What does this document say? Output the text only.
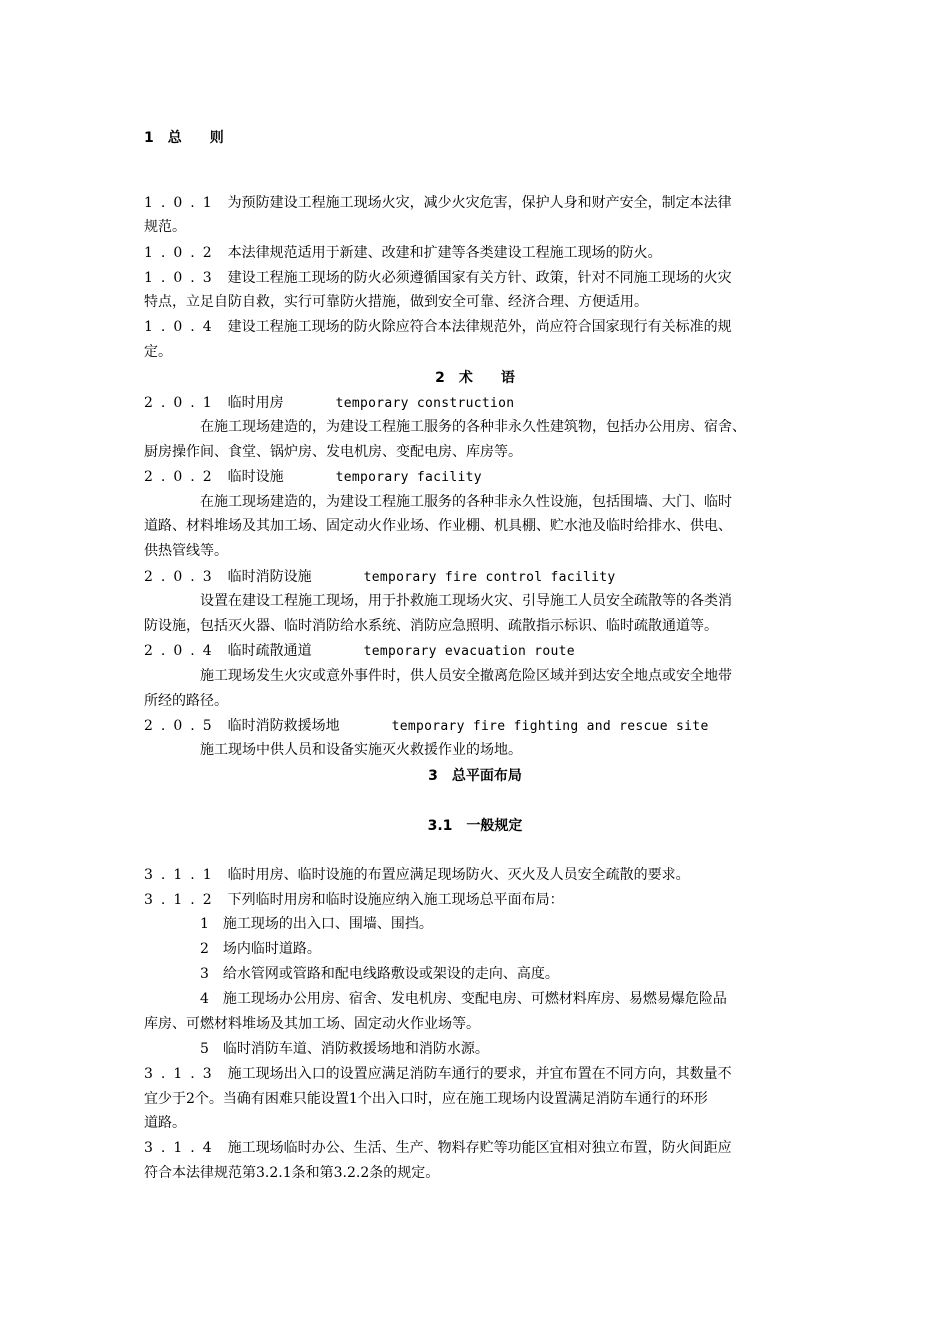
1　总　　则
1.0.1 为预防建设工程施工现场火灾，减少火灾危害，保护人身和财产安全，制定本法律
规范。
1.0.2 本法律规范适用于新建、改建和扩建等各类建设工程施工现场的防火。
1.0.3 建设工程施工现场的防火必须遵循国家有关方针、政策，针对不同施工现场的火灾
特点，立足自防自救，实行可靠防火措施，做到安全可靠、经济合理、方便适用。
1.0.4 建设工程施工现场的防火除应符合本法律规范外，尚应符合国家现行有关标准的规
定。
2　术　　语
2.0.1 临时用房	temporary construction
在施工现场建造的，为建设工程施工服务的各种非永久性建筑物，包括办公用房、宿舍、
厨房操作间、食堂、锅炉房、发电机房、变配电房、库房等。
2.0.2 临时设施	temporary facility
在施工现场建造的，为建设工程施工服务的各种非永久性设施，包括围墙、大门、临时
道路、材料堆场及其加工场、固定动火作业场、作业棚、机具棚、贮水池及临时给排水、供电、
供热管线等。
2.0.3 临时消防设施	temporary fire control facility
设置在建设工程施工现场，用于扑救施工现场火灾、引导施工人员安全疏散等的各类消
防设施，包括灭火器、临时消防给水系统、消防应急照明、疏散指示标识、临时疏散通道等。
2.0.4 临时疏散通道	temporary evacuation route
施工现场发生火灾或意外事件时，供人员安全撤离危险区域并到达安全地点或安全地带
所经的路径。
2.0.5 临时消防救援场地	temporary fire fighting and rescue site
施工现场中供人员和设备实施灭火救援作业的场地。
3　总平面布局
3.1　一般规定
3.1.1 临时用房、临时设施的布置应满足现场防火、灭火及人员安全疏散的要求。
3.1.2 下列临时用房和临时设施应纳入施工现场总平面布局：
1　施工现场的出入口、围墙、围挡。
2　场内临时道路。
3　给水管网或管路和配电线路敷设或架设的走向、高度。
4　施工现场办公用房、宿舍、发电机房、变配电房、可燃材料库房、易燃易爆危险品
库房、可燃材料堆场及其加工场、固定动火作业场等。
5　临时消防车道、消防救援场地和消防水源。
3.1.3 施工现场出入口的设置应满足消防车通行的要求，并宜布置在不同方向，其数量不
宜少于2个。当确有困难只能设置1个出入口时，应在施工现场内设置满足消防车通行的环形
道路。
3.1.4 施工现场临时办公、生活、生产、物料存贮等功能区宜相对独立布置，防火间距应
符合本法律规范第3.2.1条和第3.2.2条的规定。
